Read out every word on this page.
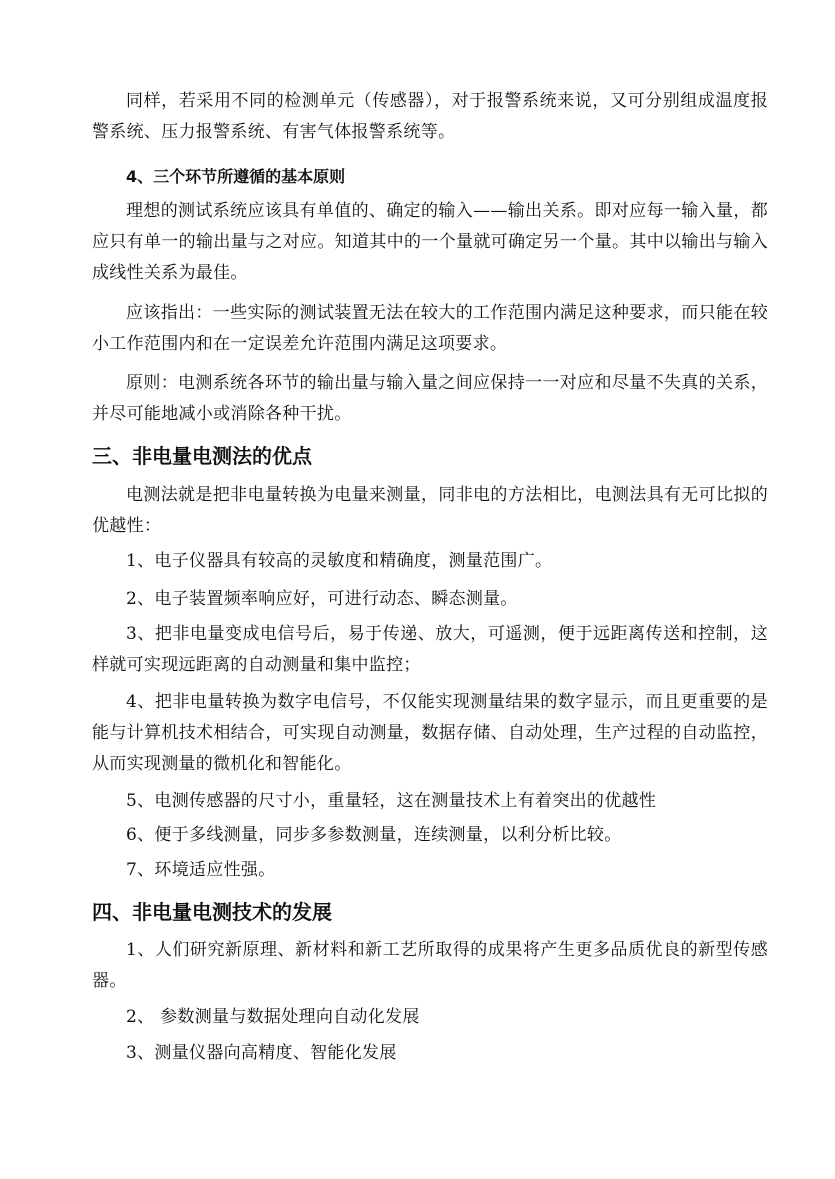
同样，若采用不同的检测单元（传感器），对于报警系统来说，又可分别组成温度报警系统、压力报警系统、有害气体报警系统等。

4、三个环节所遵循的基本原则

理想的测试系统应该具有单值的、确定的输入——输出关系。即对应每一输入量，都应只有单一的输出量与之对应。知道其中的一个量就可确定另一个量。其中以输出与输入成线性关系为最佳。

应该指出：一些实际的测试装置无法在较大的工作范围内满足这种要求，而只能在较小工作范围内和在一定误差允许范围内满足这项要求。

原则：电测系统各环节的输出量与输入量之间应保持一一对应和尽量不失真的关系，并尽可能地减小或消除各种干扰。

三、非电量电测法的优点

电测法就是把非电量转换为电量来测量，同非电的方法相比，电测法具有无可比拟的优越性：

1、电子仪器具有较高的灵敏度和精确度，测量范围广。

2、电子装置频率响应好，可进行动态、瞬态测量。

3、把非电量变成电信号后，易于传递、放大，可遥测，便于远距离传送和控制，这样就可实现远距离的自动测量和集中监控；

4、把非电量转换为数字电信号，不仅能实现测量结果的数字显示，而且更重要的是能与计算机技术相结合，可实现自动测量，数据存储、自动处理，生产过程的自动监控，从而实现测量的微机化和智能化。

5、电测传感器的尺寸小，重量轻，这在测量技术上有着突出的优越性

6、便于多线测量，同步多参数测量，连续测量，以利分析比较。

7、环境适应性强。

四、非电量电测技术的发展

1、人们研究新原理、新材料和新工艺所取得的成果将产生更多品质优良的新型传感器。

2、 参数测量与数据处理向自动化发展

3、测量仪器向高精度、智能化发展
